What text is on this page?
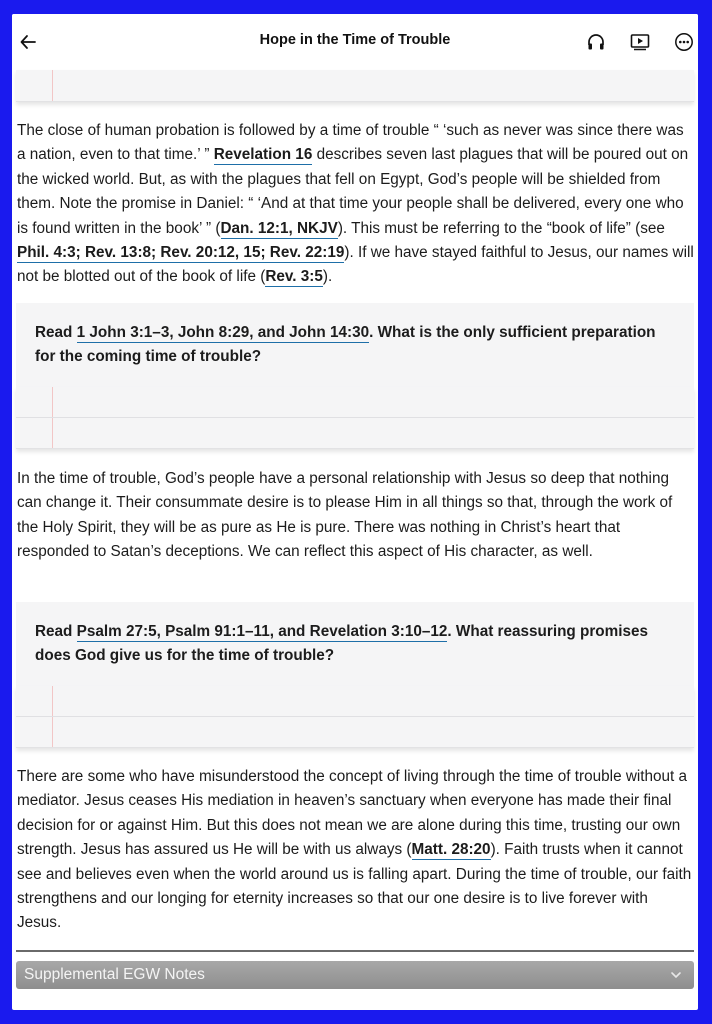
Hope in the Time of Trouble
The close of human probation is followed by a time of trouble “ ‘such as never was since there was a nation, even to that time.’ ” Revelation 16 describes seven last plagues that will be poured out on the wicked world. But, as with the plagues that fell on Egypt, God’s people will be shielded from them. Note the promise in Daniel: “ ‘And at that time your people shall be delivered, every one who is found written in the book’ ” (Dan. 12:1, NKJV). This must be referring to the “book of life” (see Phil. 4:3; Rev. 13:8; Rev. 20:12, 15; Rev. 22:19). If we have stayed faithful to Jesus, our names will not be blotted out of the book of life (Rev. 3:5).
Read 1 John 3:1–3, John 8:29, and John 14:30. What is the only sufficient preparation for the coming time of trouble?
In the time of trouble, God’s people have a personal relationship with Jesus so deep that nothing can change it. Their consummate desire is to please Him in all things so that, through the work of the Holy Spirit, they will be as pure as He is pure. There was nothing in Christ’s heart that responded to Satan’s deceptions. We can reflect this aspect of His character, as well.
Read Psalm 27:5, Psalm 91:1–11, and Revelation 3:10–12. What reassuring promises does God give us for the time of trouble?
There are some who have misunderstood the concept of living through the time of trouble without a mediator. Jesus ceases His mediation in heaven’s sanctuary when everyone has made their final decision for or against Him. But this does not mean we are alone during this time, trusting our own strength. Jesus has assured us He will be with us always (Matt. 28:20). Faith trusts when it cannot see and believes even when the world around us is falling apart. During the time of trouble, our faith strengthens and our longing for eternity increases so that our one desire is to live forever with Jesus.
Supplemental EGW Notes
